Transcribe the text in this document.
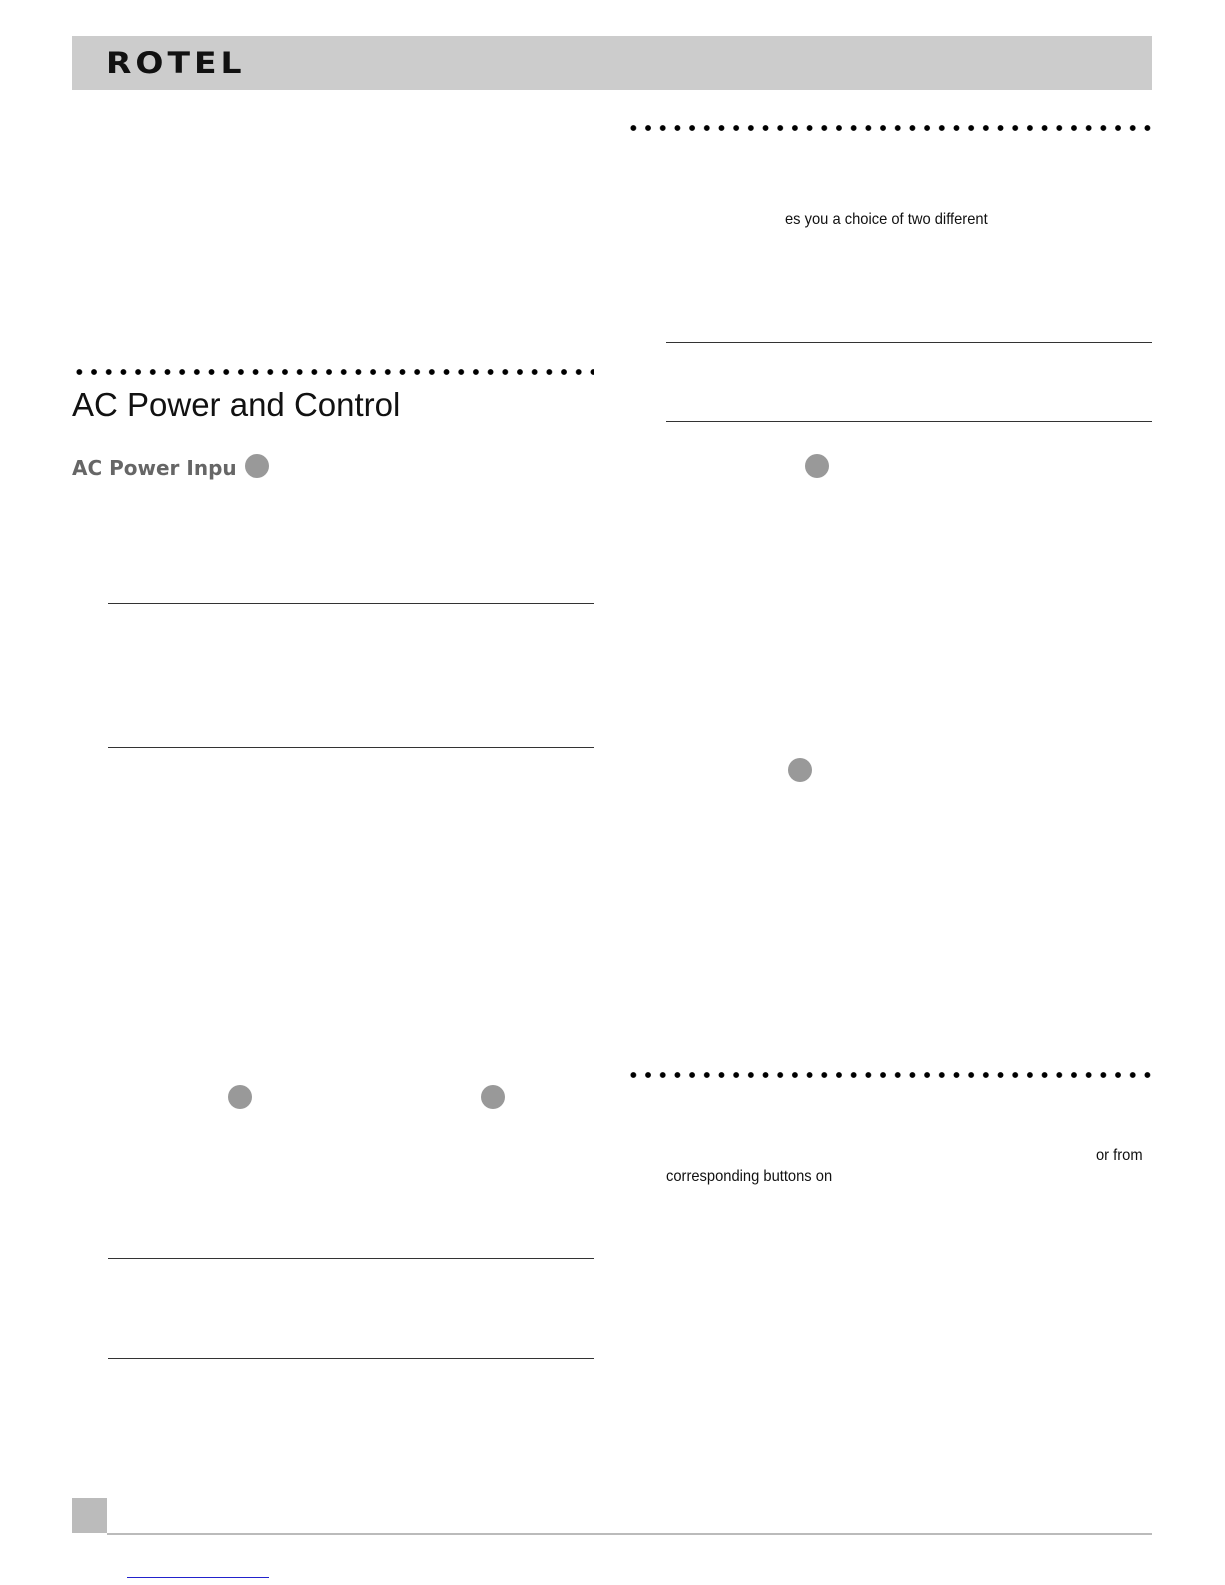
ROTEL
AC Power and Control
AC Power Inpu
es you a choice of two different
or from
corresponding buttons on
